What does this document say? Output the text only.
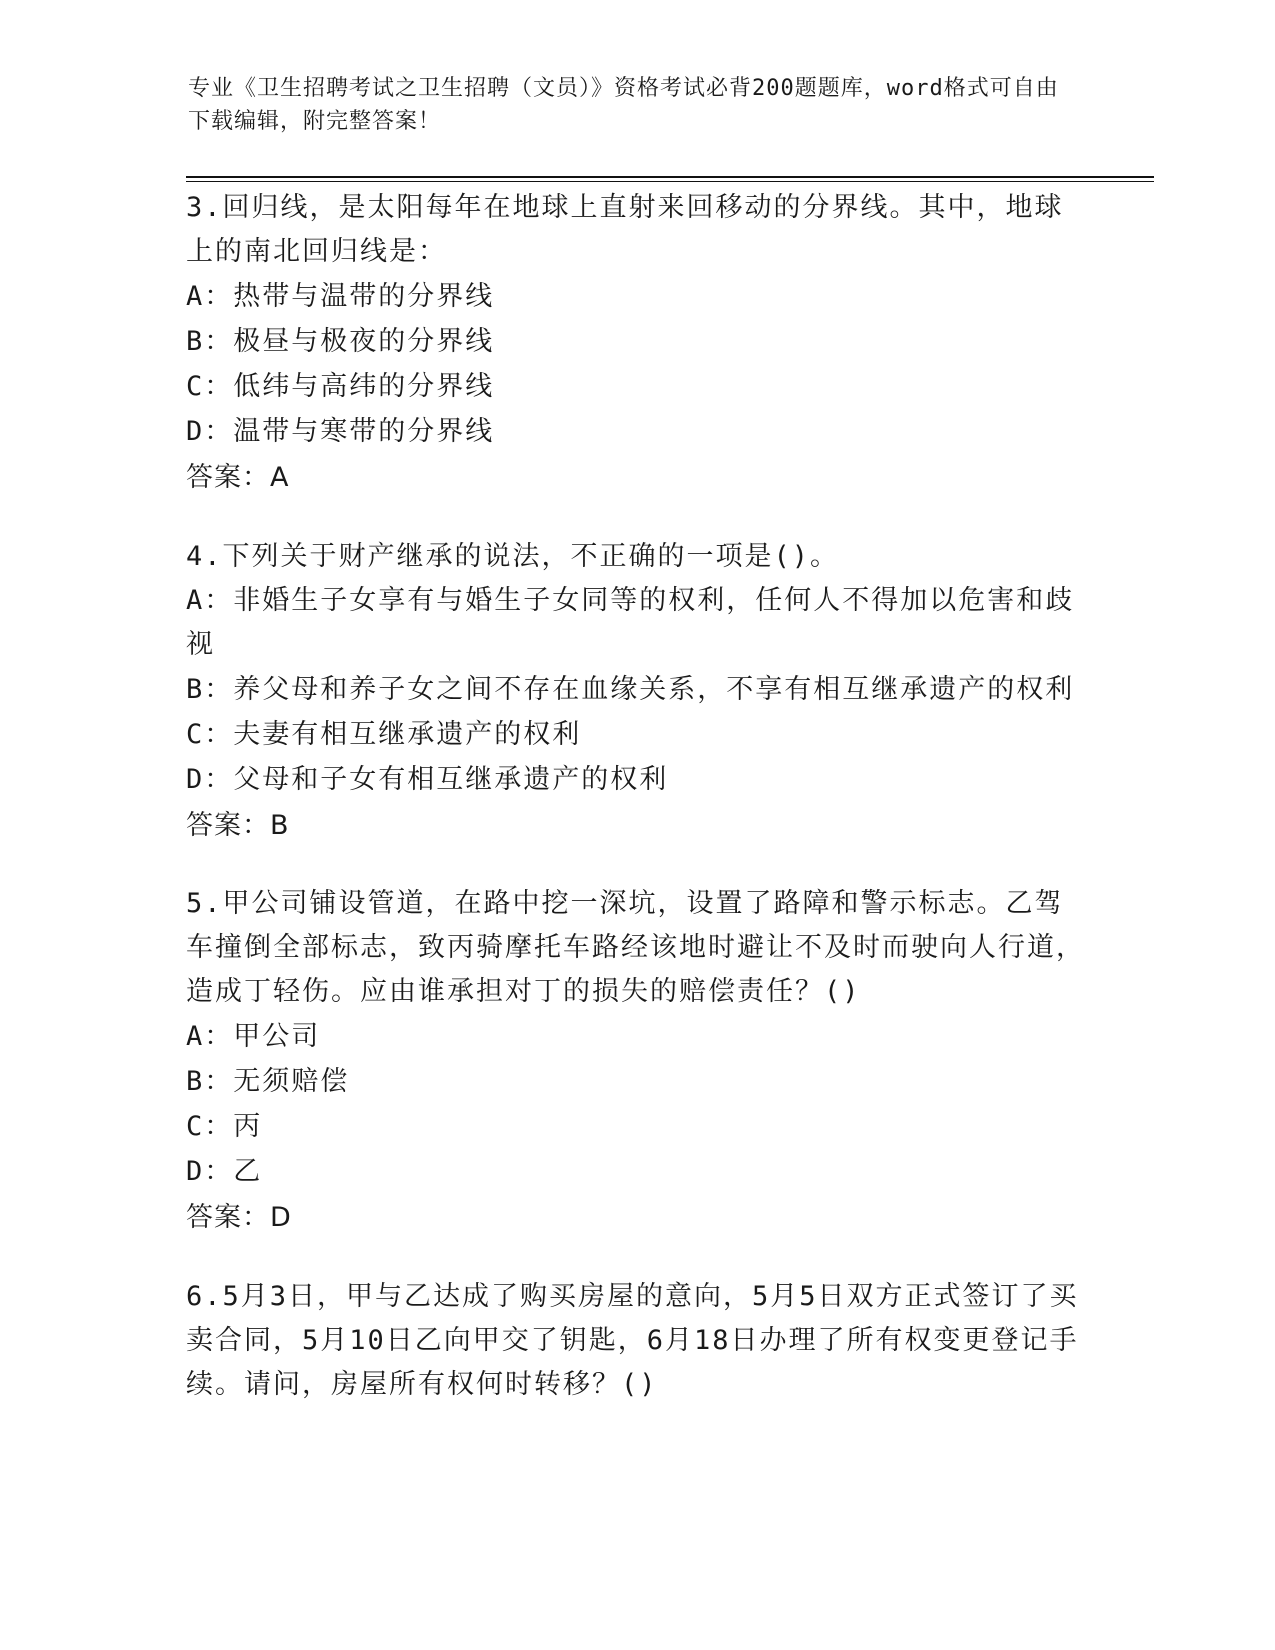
专业《卫生招聘考试之卫生招聘（文员）》资格考试必背200题题库，word格式可自由下载编辑，附完整答案！
3.回归线，是太阳每年在地球上直射来回移动的分界线。其中，地球上的南北回归线是：
A：热带与温带的分界线
B：极昼与极夜的分界线
C：低纬与高纬的分界线
D：温带与寒带的分界线
答案：A
4.下列关于财产继承的说法，不正确的一项是()。
A：非婚生子女享有与婚生子女同等的权利，任何人不得加以危害和歧视
B：养父母和养子女之间不存在血缘关系，不享有相互继承遗产的权利
C：夫妻有相互继承遗产的权利
D：父母和子女有相互继承遗产的权利
答案：B
5.甲公司铺设管道，在路中挖一深坑，设置了路障和警示标志。乙驾车撞倒全部标志，致丙骑摩托车路经该地时避让不及时而驶向人行道，造成丁轻伤。应由谁承担对丁的损失的赔偿责任？()
A：甲公司
B：无须赔偿
C：丙
D：乙
答案：D
6.5月3日，甲与乙达成了购买房屋的意向，5月5日双方正式签订了买卖合同，5月10日乙向甲交了钥匙，6月18日办理了所有权变更登记手续。请问，房屋所有权何时转移？()
